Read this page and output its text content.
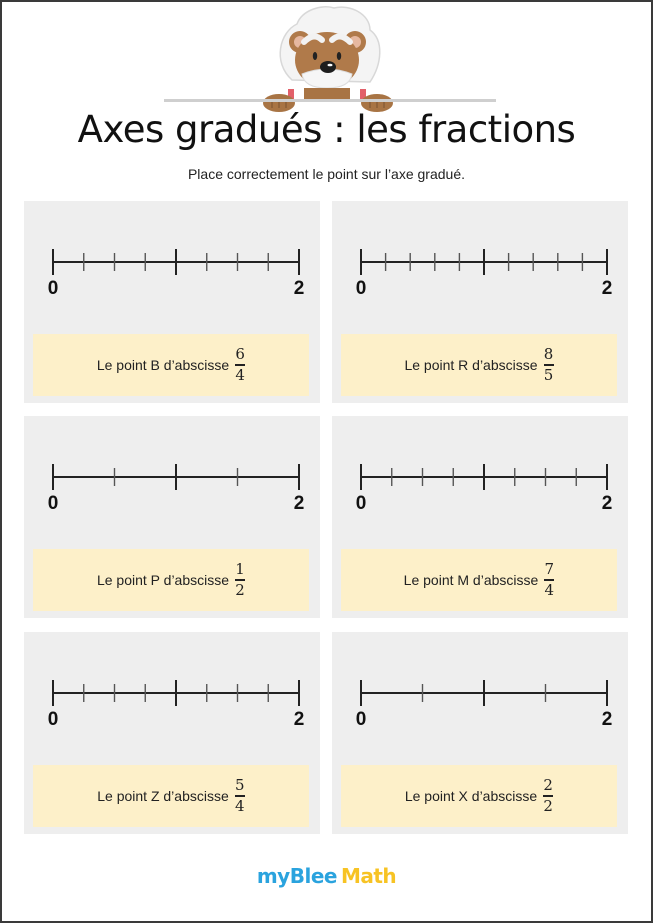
Axes gradués : les fractions
Place correctement le point sur l’axe gradué.
0	2
Le point B d’abscisse $\frac{6}{4}$
0	2
Le point R d’abscisse $\frac{8}{5}$
0	2
Le point P d’abscisse $\frac{1}{2}$
0	2
Le point M d’abscisse $\frac{7}{4}$
0	2
Le point Z d’abscisse $\frac{5}{4}$
0	2
Le point X d’abscisse $\frac{2}{2}$
myBlee Math
